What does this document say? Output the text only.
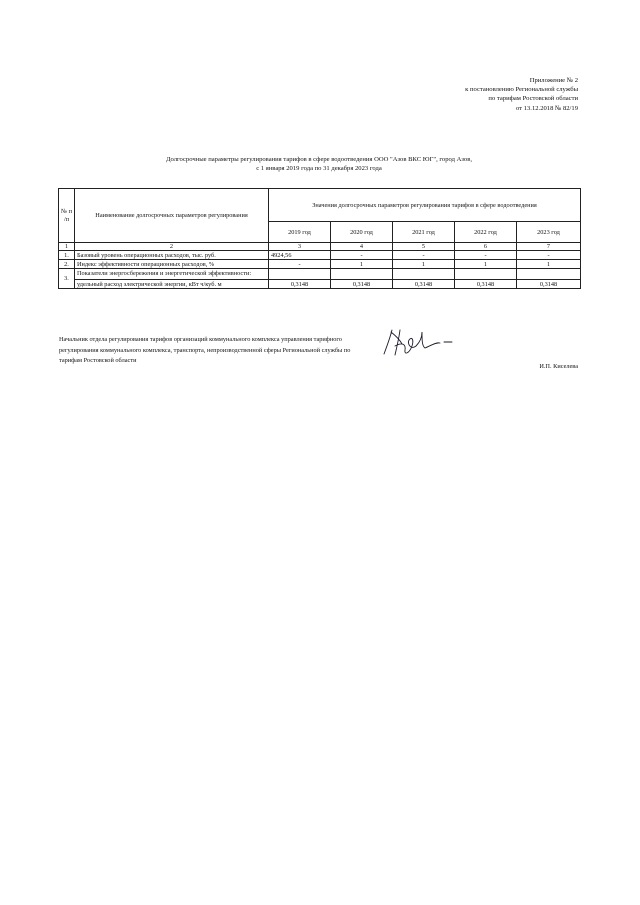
Приложение № 2
к постановлению Региональной службы
по тарифам Ростовской области
от 13.12.2018 № 82/19
Долгосрочные параметры регулирования тарифов в сфере водоотведения ООО "Азов ВКС ЮГ", город Азов,
с 1 января 2019 года по 31 декабря 2023 года
№ п /п	Наименование долгосрочных параметров регулирования	Значения долгосрочных параметров регулирования тарифов в сфере водоотведения				
		2019 год	2020 год	2021 год	2022 год	2023 год
1	2	3	4	5	6	7
1.	Базовый уровень операционных расходов, тыс. руб.	4924,56	-	-	-	-
2.	Индекс эффективности операционных расходов, %	-	1	1	1	1
3.	Показатели энергосбережения и энергетической эффективности:					
	удельный расход электрической энергии, кВт ч/куб. м	0,3148	0,3148	0,3148	0,3148	0,3148
Начальник отдела регулирования тарифов организаций коммунального комплекса управления тарифного регулирования коммунального комплекса, транспорта, непроизводственной сферы Региональной службы по тарифам Ростовской области
И.П. Киселева
